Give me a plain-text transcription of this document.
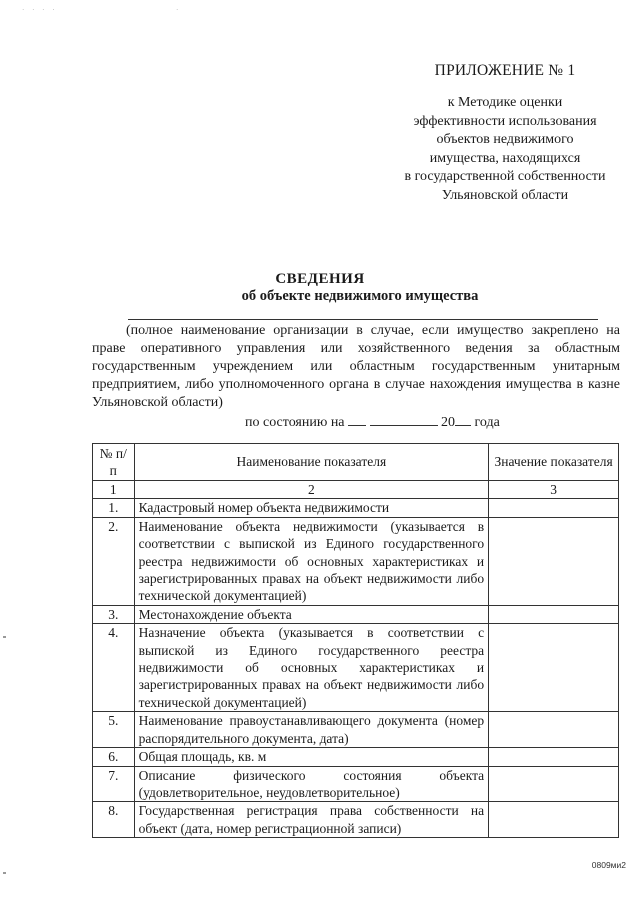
· · · ·	·
ПРИЛОЖЕНИЕ № 1
к Методике оценки
эффективности использования
объектов недвижимого
имущества, находящихся
в государственной собственности
Ульяновской области
СВЕДЕНИЯ
об объекте недвижимого имущества
(полное наименование организации в случае, если имущество закреплено на праве оперативного управления или хозяйственного ведения за областным государственным учреждением или областным государственным унитарным предприятием, либо уполномоченного органа в случае нахождения имущества в казне Ульяновской области)
по состоянию на	20 года
№ п/п	Наименование показателя	Значение показателя
1	2	3
1.	Кадастровый номер объекта недвижимости	
2.	Наименование объекта недвижимости (указывается в соответствии с выпиской из Единого государственного реестра недвижимости об основных характеристиках и зарегистрированных правах на объект недвижимости либо технической документацией)	
3.	Местонахождение объекта	
4.	Назначение объекта (указывается в соответствии с выпиской из Единого государственного реестра недвижимости об основных характеристиках и зарегистрированных правах на объект недвижимости либо технической документацией)	
5.	Наименование правоустанавливающего документа (номер распорядительного документа, дата)	
6.	Общая площадь, кв. м	
7.	Описание физического состояния объекта (удовлетворительное, неудовлетворительное)	
8.	Государственная регистрация права собственности на объект (дата, номер регистрационной записи)	
0809ми2
